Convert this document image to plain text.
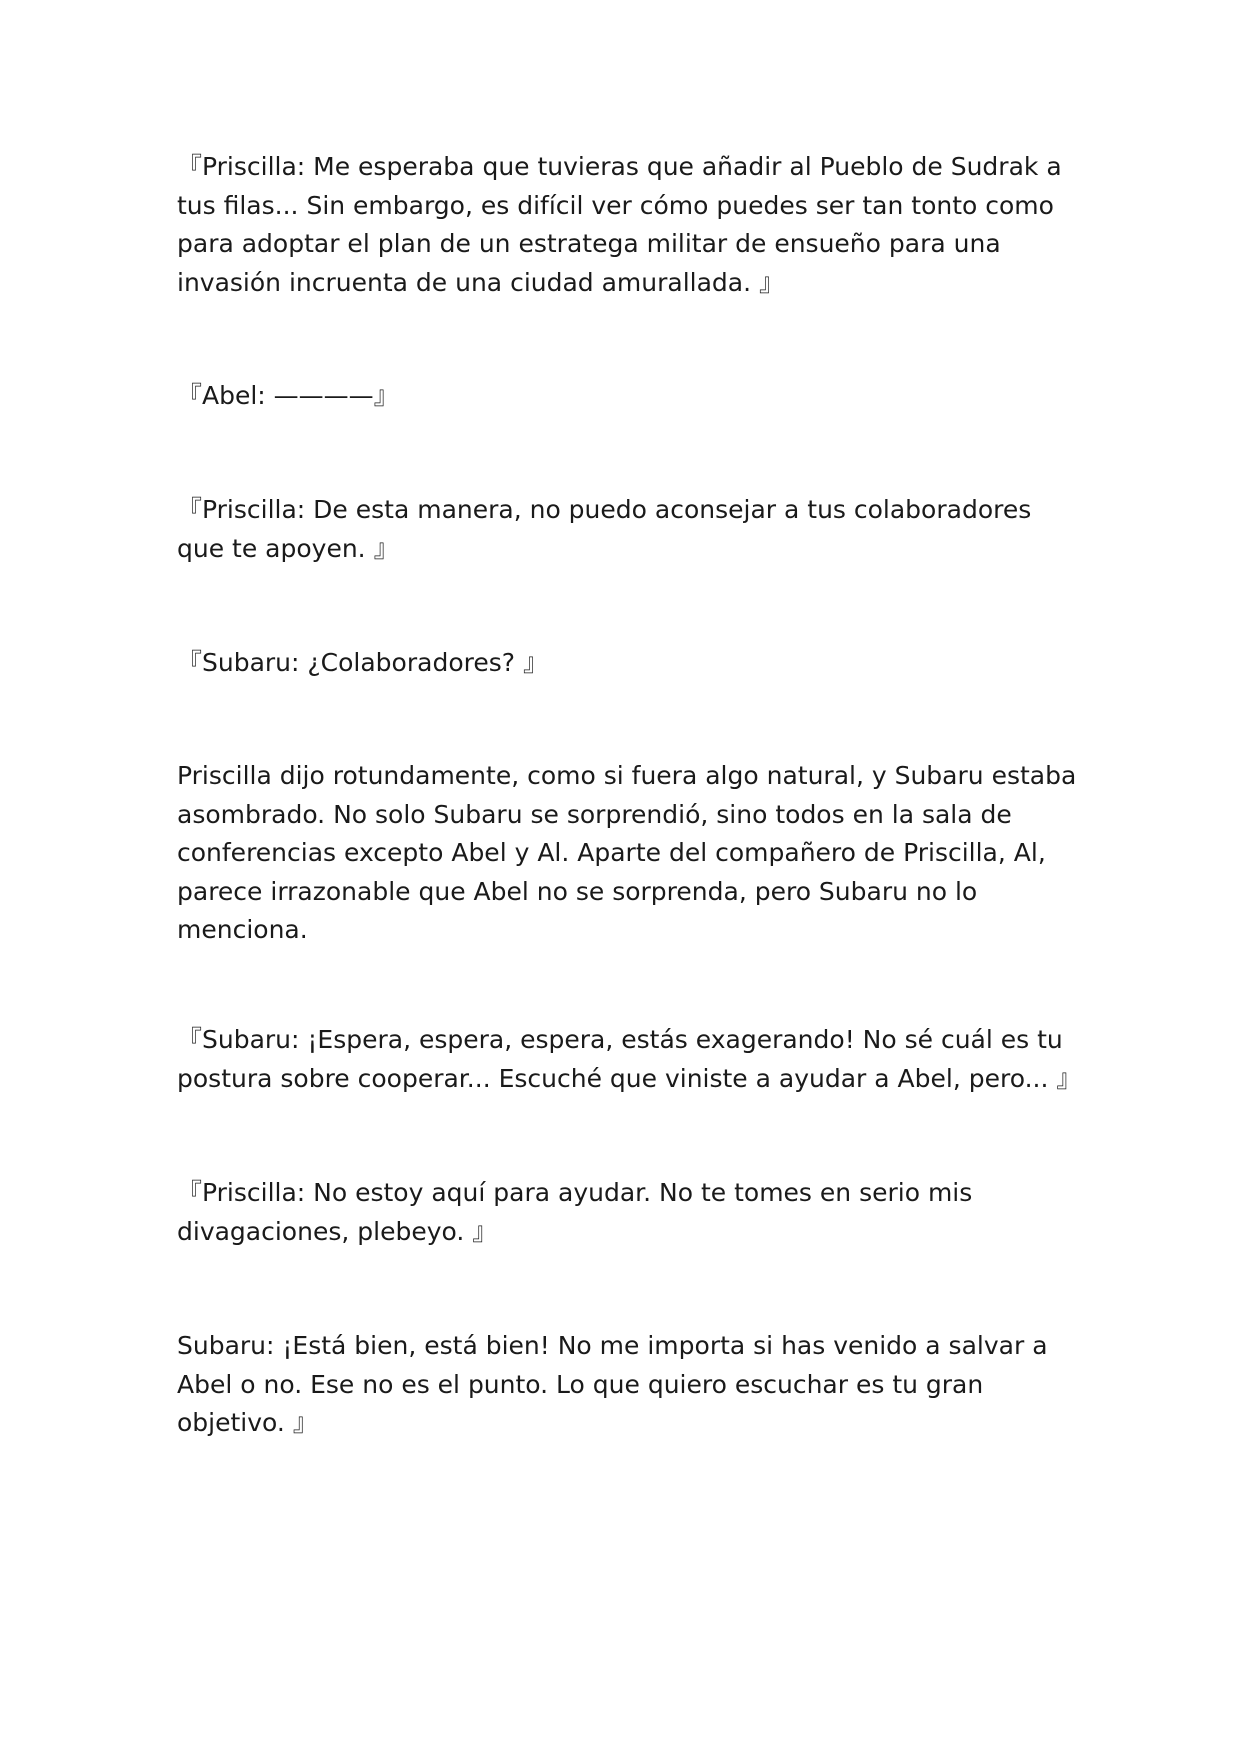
『Priscilla: Me esperaba que tuvieras que añadir al Pueblo de Sudrak a tus filas... Sin embargo, es difícil ver cómo puedes ser tan tonto como para adoptar el plan de un estratega militar de ensueño para una invasión incruenta de una ciudad amurallada. 』

『Abel: ————』

『Priscilla: De esta manera, no puedo aconsejar a tus colaboradores que te apoyen. 』

『Subaru: ¿Colaboradores? 』

Priscilla dijo rotundamente, como si fuera algo natural, y Subaru estaba asombrado. No solo Subaru se sorprendió, sino todos en la sala de conferencias excepto Abel y Al. Aparte del compañero de Priscilla, Al, parece irrazonable que Abel no se sorprenda, pero Subaru no lo menciona.

『Subaru: ¡Espera, espera, espera, estás exagerando! No sé cuál es tu postura sobre cooperar... Escuché que viniste a ayudar a Abel, pero... 』

『Priscilla: No estoy aquí para ayudar. No te tomes en serio mis divagaciones, plebeyo. 』

Subaru: ¡Está bien, está bien! No me importa si has venido a salvar a Abel o no. Ese no es el punto. Lo que quiero escuchar es tu gran objetivo. 』
